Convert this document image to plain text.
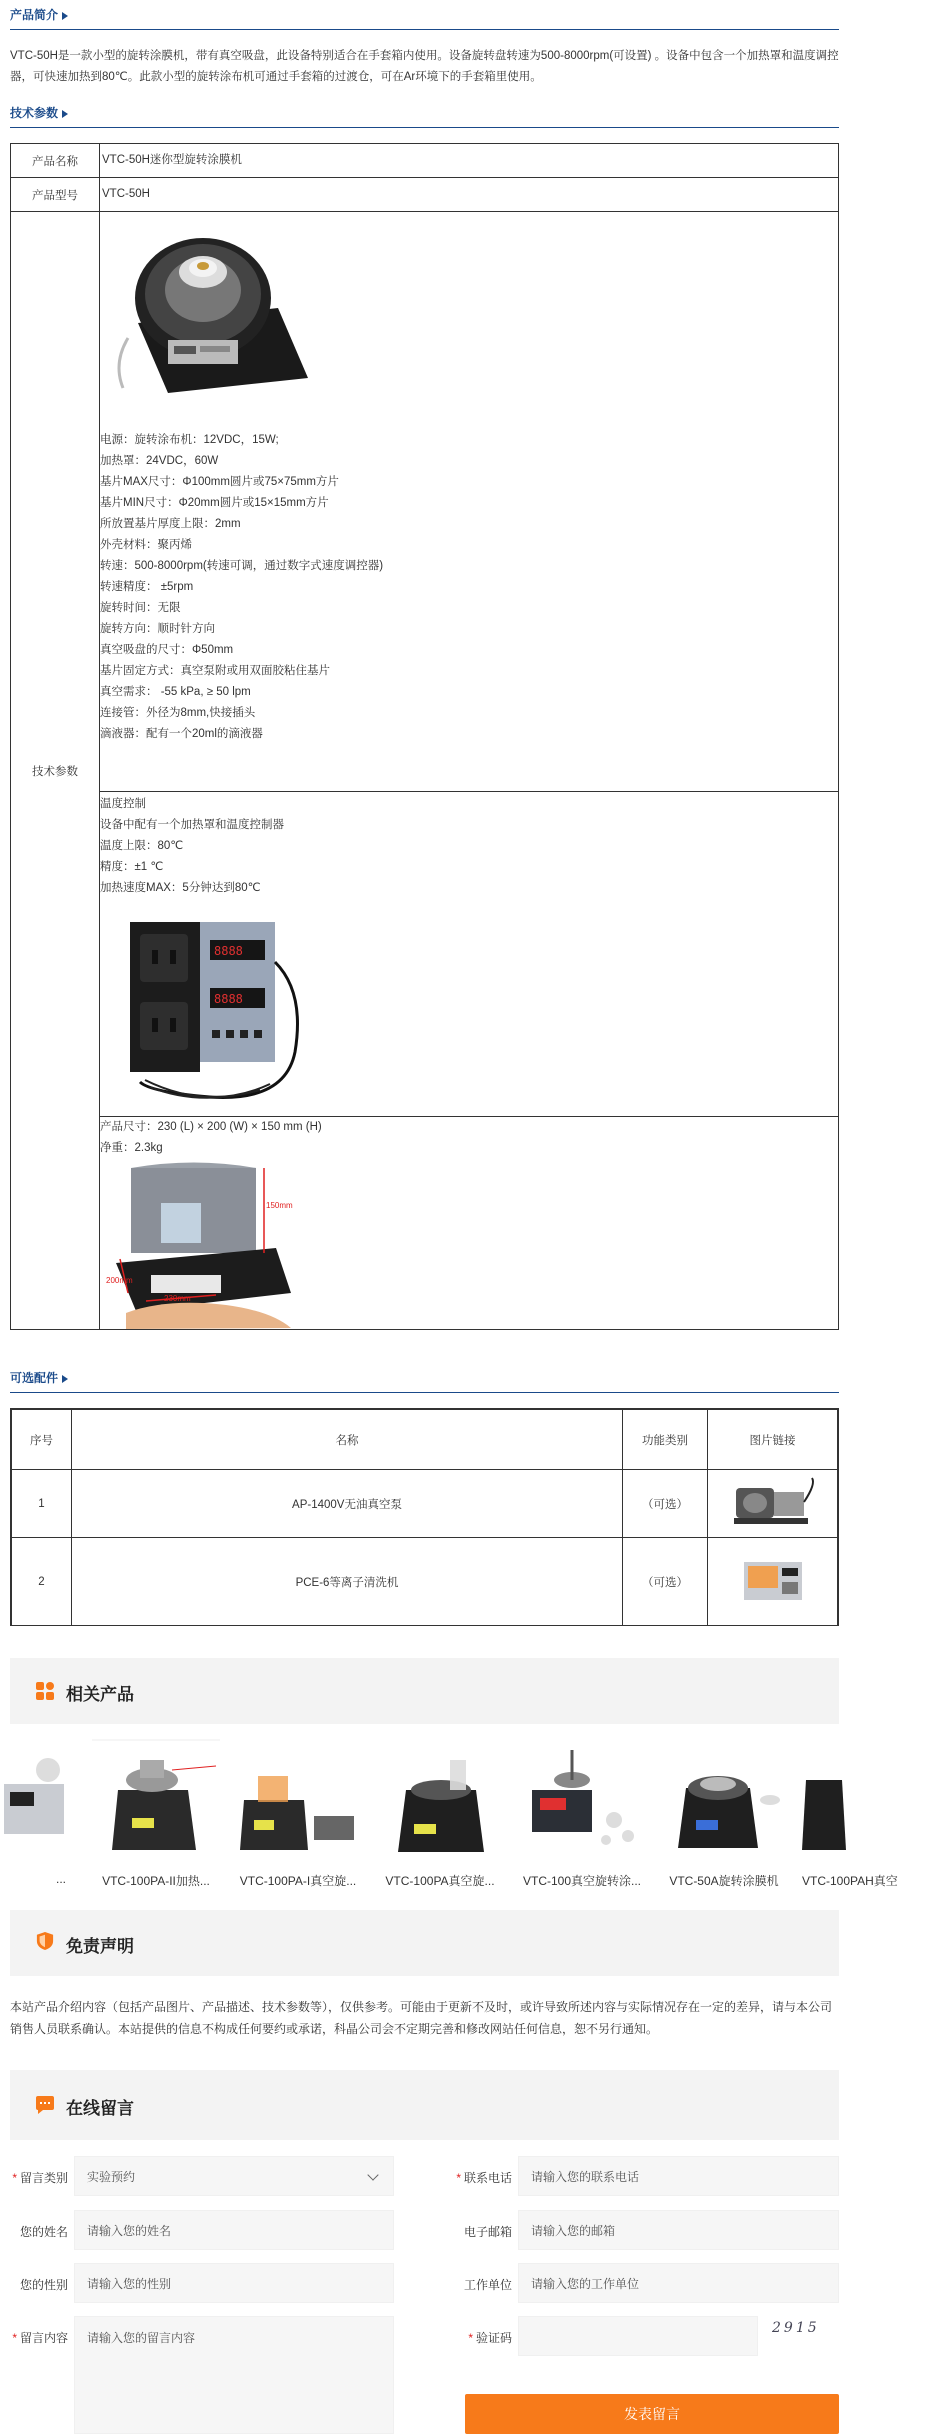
产品简介
VTC-50H是一款小型的旋转涂膜机，带有真空吸盘，此设备特别适合在手套箱内使用。设备旋转盘转速为500-8000rpm(可设置) 。设备中包含一个加热罩和温度调控器，可快速加热到80℃。此款小型的旋转涂布机可通过手套箱的过渡仓，可在Ar环境下的手套箱里使用。
技术参数
产品名称	VTC-50H迷你型旋转涂膜机
产品型号	VTC-50H
技术参数
电源：旋转涂布机：12VDC，15W;
加热罩：24VDC，60W
基片MAX尺寸：Φ100mm圆片或75×75mm方片
基片MIN尺寸：Φ20mm圆片或15×15mm方片
所放置基片厚度上限：2mm
外壳材料：聚丙烯
转速：500-8000rpm(转速可调，通过数字式速度调控器)
转速精度： ±5rpm
旋转时间：无限
旋转方向：顺时针方向
真空吸盘的尺寸：Φ50mm
基片固定方式：真空泵附或用双面胶粘住基片
真空需求： -55 kPa, ≥ 50 lpm
连接管：外径为8mm,快接插头
滴液器：配有一个20ml的滴液器
温度控制
设备中配有一个加热罩和温度控制器
温度上限：80℃
精度：±1 ℃
加热速度MAX：5分钟达到80℃
8888
8888
产品尺寸：230 (L) × 200 (W) × 150 mm (H)
净重：2.3kg
150mm
200mm
230mm
可选配件
序号	名称	功能类别	图片链接
1	AP-1400V无油真空泵	（可选）	
2	PCE-6等离子清洗机	（可选）	
相关产品
...	VTC-100PA-II加热...	VTC-100PA-I真空旋...	VTC-100PA真空旋...	VTC-100真空旋转涂...	VTC-50A旋转涂膜机	VTC-100PAH真空
免责声明
本站产品介绍内容（包括产品图片、产品描述、技术参数等），仅供参考。可能由于更新不及时，或许导致所述内容与实际情况存在一定的差异，请与本公司销售人员联系确认。本站提供的信息不构成任何要约或承诺，科晶公司会不定期完善和修改网站任何信息，恕不另行通知。
在线留言
* 留言类别 实验预约
您的姓名	请输入您的姓名
您的性别	请输入您的性别
* 留言内容	请输入您的留言内容
* 联系电话	请输入您的联系电话
电子邮箱	请输入您的邮箱
工作单位	请输入您的工作单位
* 验证码
2915
发表留言
